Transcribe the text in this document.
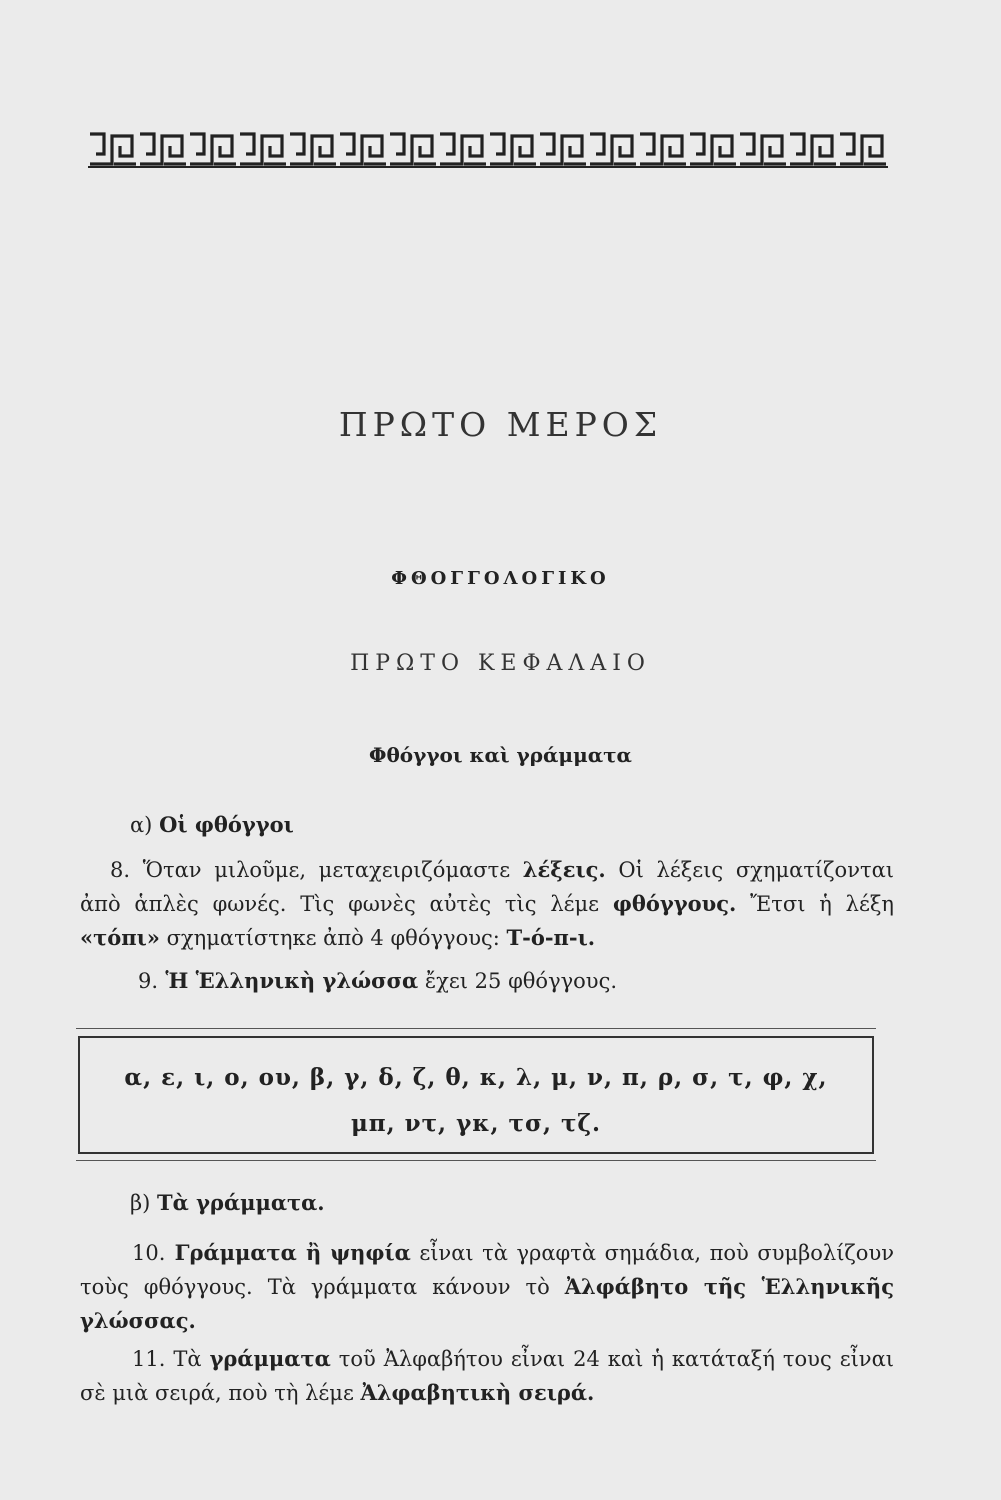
ΠΡΩΤΟ ΜΕΡΟΣ
ΦΘΟΓΓΟΛΟΓΙΚΟ
ΠΡΩΤΟ ΚΕΦΑΛΑΙΟ
Φθόγγοι καὶ γράμματα
α) Οἱ φθόγγοι

8. Ὅταν μιλοῦμε, μεταχειριζόμαστε λέξεις. Οἱ λέξεις σχηματίζονται ἀπὸ ἁπλὲς φωνές. Τὶς φωνὲς αὐτὲς τὶς λέμε φθόγγους. Ἔτσι ἡ λέξη «τόπι» σχηματίστηκε ἀπὸ 4 φθόγγους: Τ-ό-π-ι.

9. Ἡ Ἑλληνικὴ γλώσσα ἔχει 25 φθόγγους.

α, ε, ι, ο, ου, β, γ, δ, ζ, θ, κ, λ, μ, ν, π, ρ, σ, τ, φ, χ,
μπ, ντ, γκ, τσ, τζ.
β) Τὰ γράμματα.

10. Γράμματα ἢ ψηφία εἶναι τὰ γραφτὰ σημάδια, ποὺ συμβολίζουν τοὺς φθόγγους. Τὰ γράμματα κάνουν τὸ Ἀλφάβητο τῆς Ἑλληνικῆς γλώσσας.

11. Τὰ γράμματα τοῦ Ἀλφαβήτου εἶναι 24 καὶ ἡ κατάταξή τους εἶναι σὲ μιὰ σειρά, ποὺ τὴ λέμε Ἀλφαβητικὴ σειρά.
